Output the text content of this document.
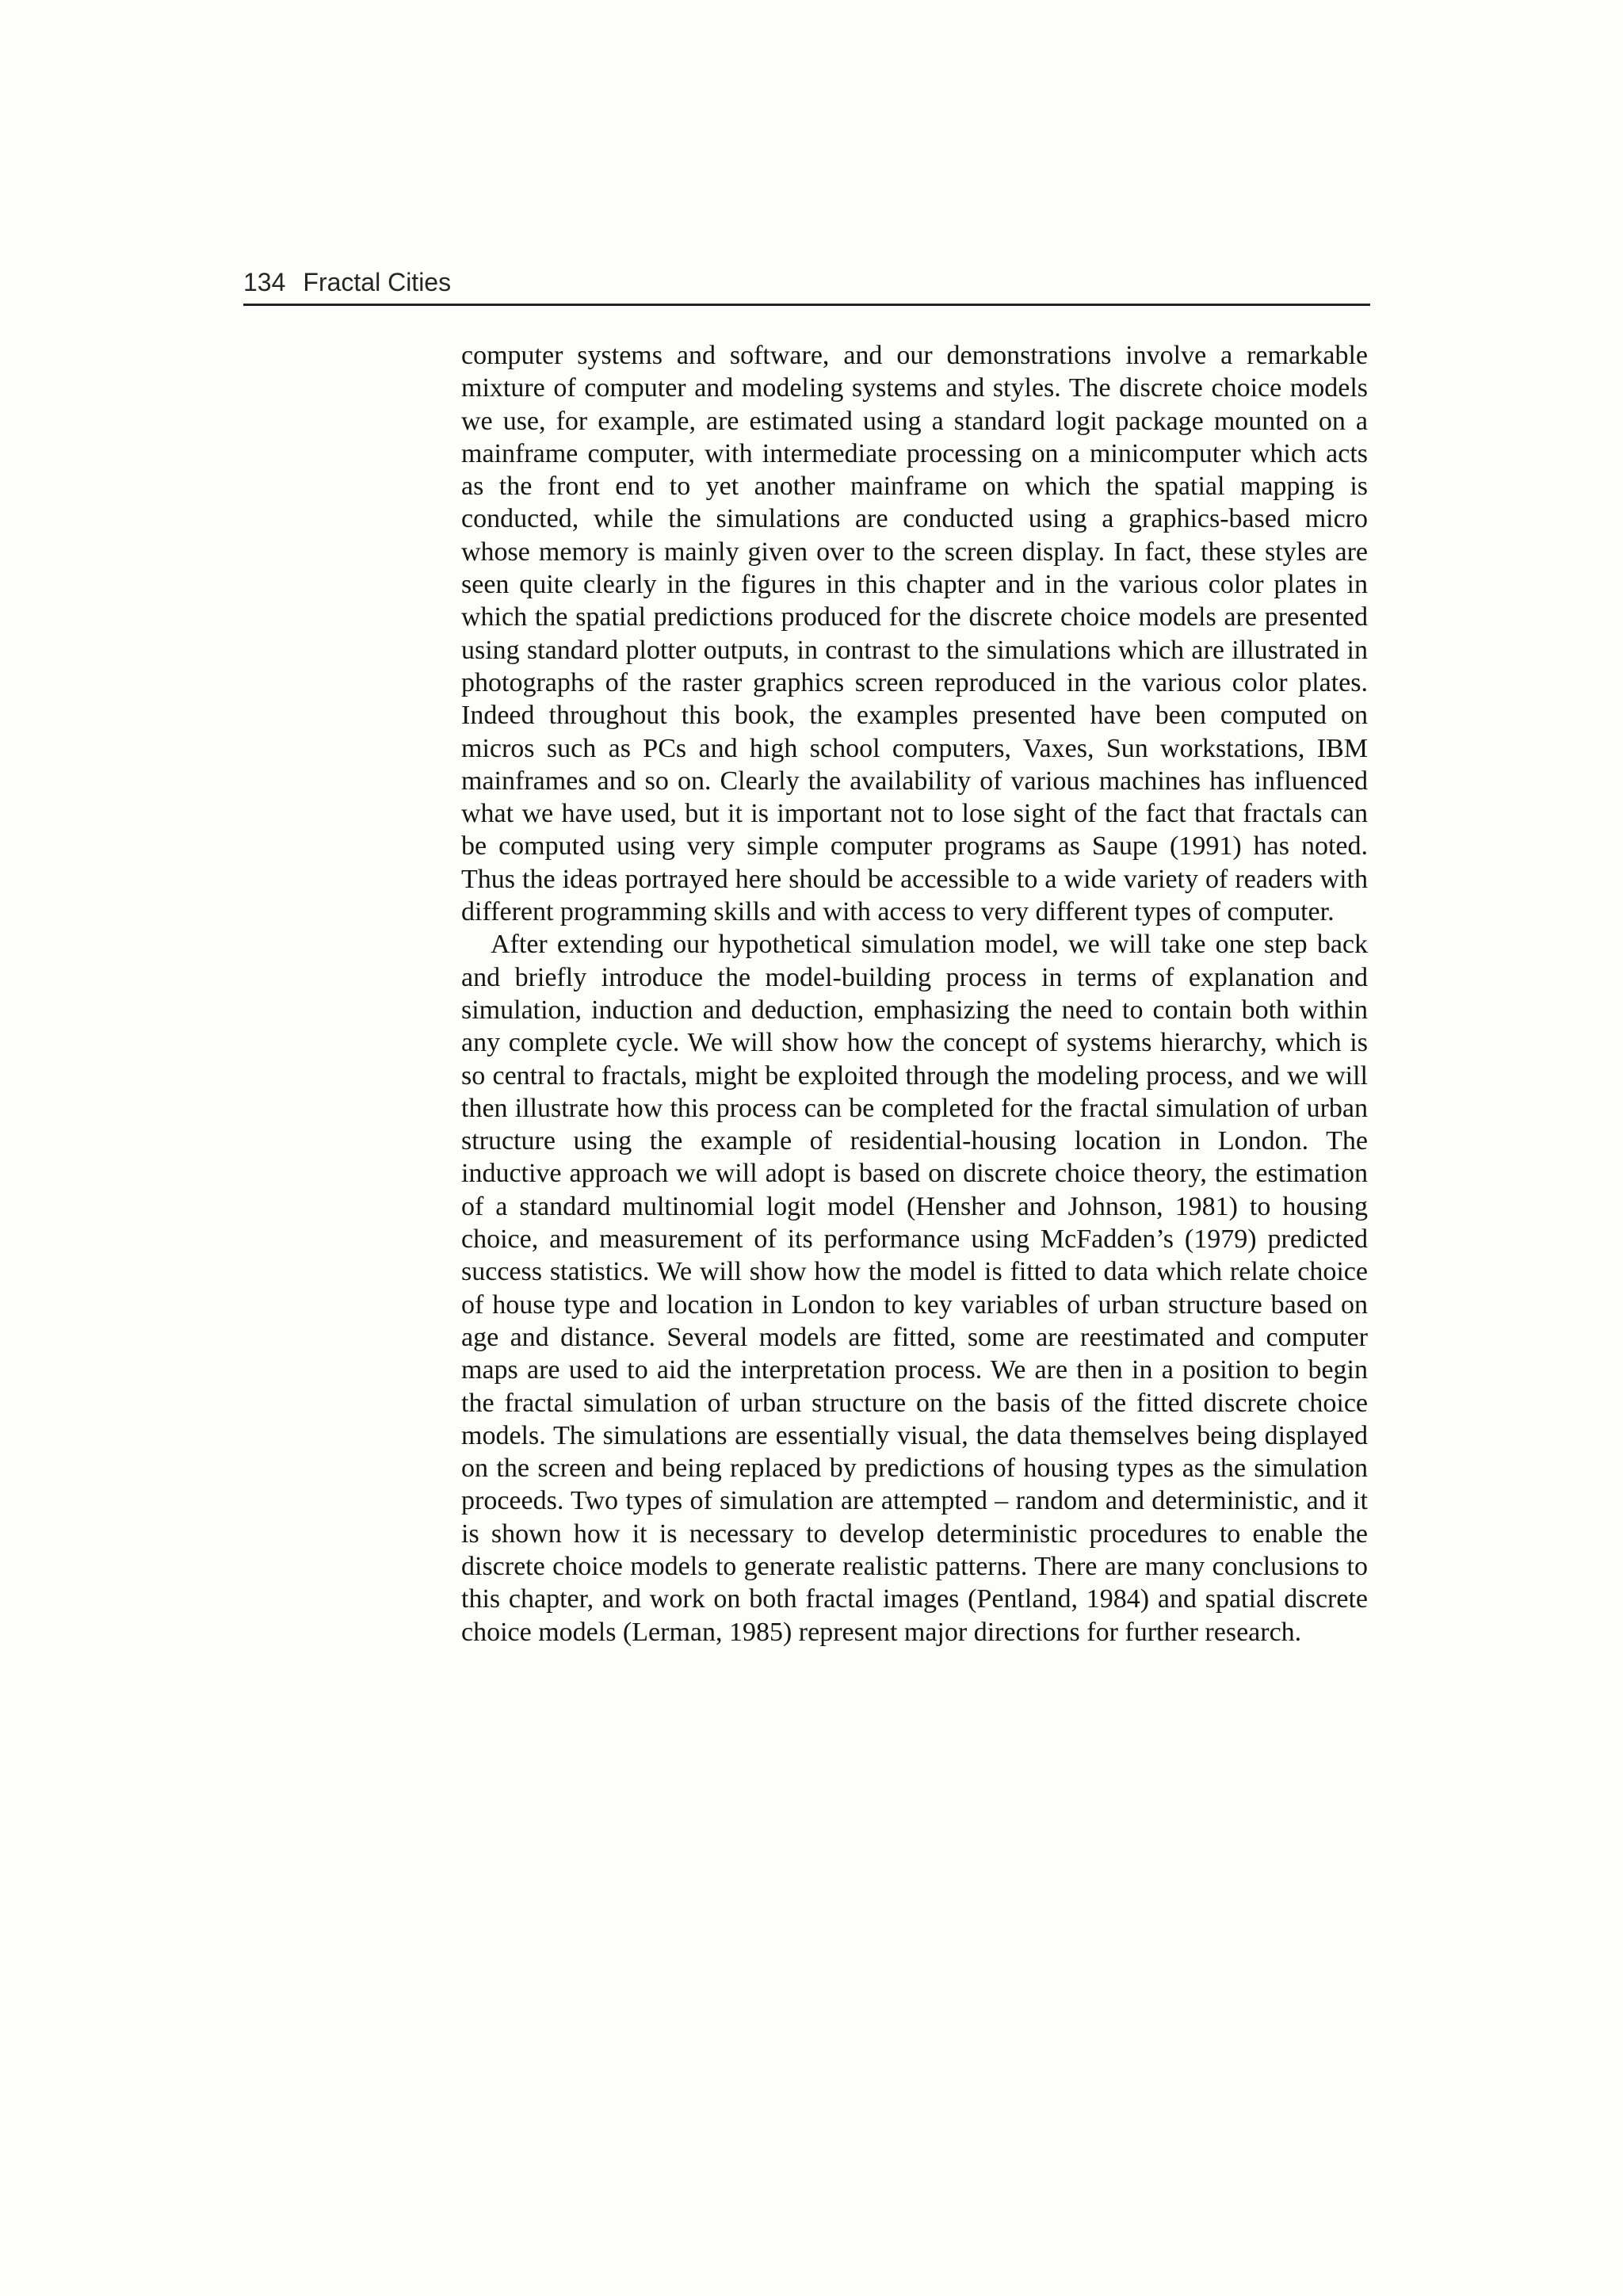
134 Fractal Cities

computer systems and software, and our demonstrations involve a remarkable mixture of computer and modeling systems and styles. The discrete choice models we use, for example, are estimated using a standard logit package mounted on a mainframe computer, with intermediate processing on a minicomputer which acts as the front end to yet another mainframe on which the spatial mapping is conducted, while the simulations are conducted using a graphics-based micro whose memory is mainly given over to the screen display. In fact, these styles are seen quite clearly in the figures in this chapter and in the various color plates in which the spatial predictions produced for the discrete choice models are presented using standard plotter outputs, in contrast to the simulations which are illustrated in photographs of the raster graphics screen reproduced in the various color plates. Indeed throughout this book, the examples presented have been computed on micros such as PCs and high school computers, Vaxes, Sun workstations, IBM mainframes and so on. Clearly the availability of various machines has influenced what we have used, but it is important not to lose sight of the fact that fractals can be computed using very simple computer programs as Saupe (1991) has noted. Thus the ideas portrayed here should be accessible to a wide variety of readers with different programming skills and with access to very different types of computer.

After extending our hypothetical simulation model, we will take one step back and briefly introduce the model-building process in terms of explanation and simulation, induction and deduction, emphasizing the need to contain both within any complete cycle. We will show how the concept of systems hierarchy, which is so central to fractals, might be exploited through the modeling process, and we will then illustrate how this process can be completed for the fractal simulation of urban structure using the example of residential-housing location in London. The inductive approach we will adopt is based on discrete choice theory, the estimation of a standard multinomial logit model (Hensher and Johnson, 1981) to housing choice, and measurement of its performance using McFadden’s (1979) predicted success statistics. We will show how the model is fitted to data which relate choice of house type and location in London to key variables of urban structure based on age and distance. Several models are fitted, some are reestimated and computer maps are used to aid the interpretation process. We are then in a position to begin the fractal simulation of urban structure on the basis of the fitted discrete choice models. The simulations are essentially visual, the data themselves being displayed on the screen and being replaced by predictions of housing types as the simulation proceeds. Two types of simulation are attempted – random and deterministic, and it is shown how it is necessary to develop deterministic procedures to enable the discrete choice models to generate realistic patterns. There are many conclusions to this chapter, and work on both fractal images (Pentland, 1984) and spatial discrete choice models (Lerman, 1985) represent major directions for further research.
